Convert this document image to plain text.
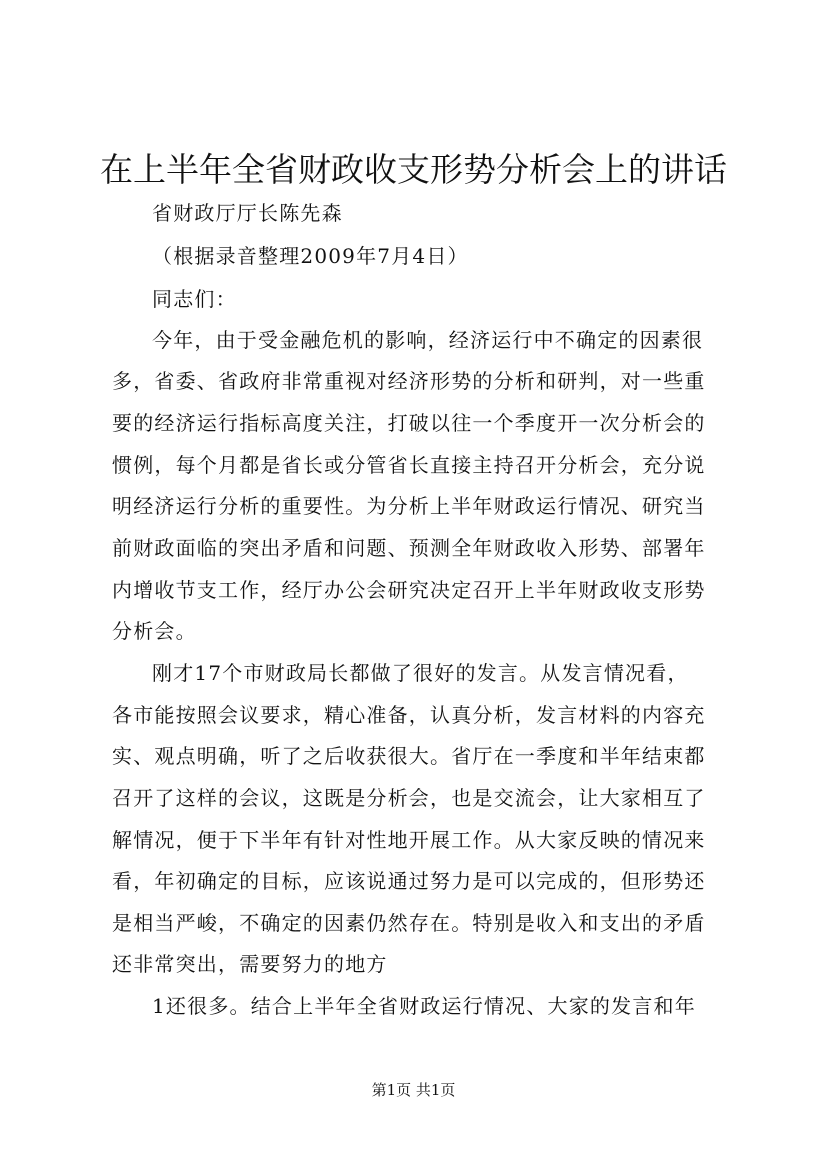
在上半年全省财政收支形势分析会上的讲话

省财政厅厅长陈先森

（根据录音整理2009年7月4日）

同志们：

今年，由于受金融危机的影响，经济运行中不确定的因素很

多，省委、省政府非常重视对经济形势的分析和研判，对一些重

要的经济运行指标高度关注，打破以往一个季度开一次分析会的

惯例，每个月都是省长或分管省长直接主持召开分析会，充分说

明经济运行分析的重要性。为分析上半年财政运行情况、研究当

前财政面临的突出矛盾和问题、预测全年财政收入形势、部署年

内增收节支工作，经厅办公会研究决定召开上半年财政收支形势

分析会。

刚才17个市财政局长都做了很好的发言。从发言情况看，

各市能按照会议要求，精心准备，认真分析，发言材料的内容充

实、观点明确，听了之后收获很大。省厅在一季度和半年结束都

召开了这样的会议，这既是分析会，也是交流会，让大家相互了

解情况，便于下半年有针对性地开展工作。从大家反映的情况来

看，年初确定的目标，应该说通过努力是可以完成的，但形势还

是相当严峻，不确定的因素仍然存在。特别是收入和支出的矛盾

还非常突出，需要努力的地方

1还很多。结合上半年全省财政运行情况、大家的发言和年

第1页 共1页
